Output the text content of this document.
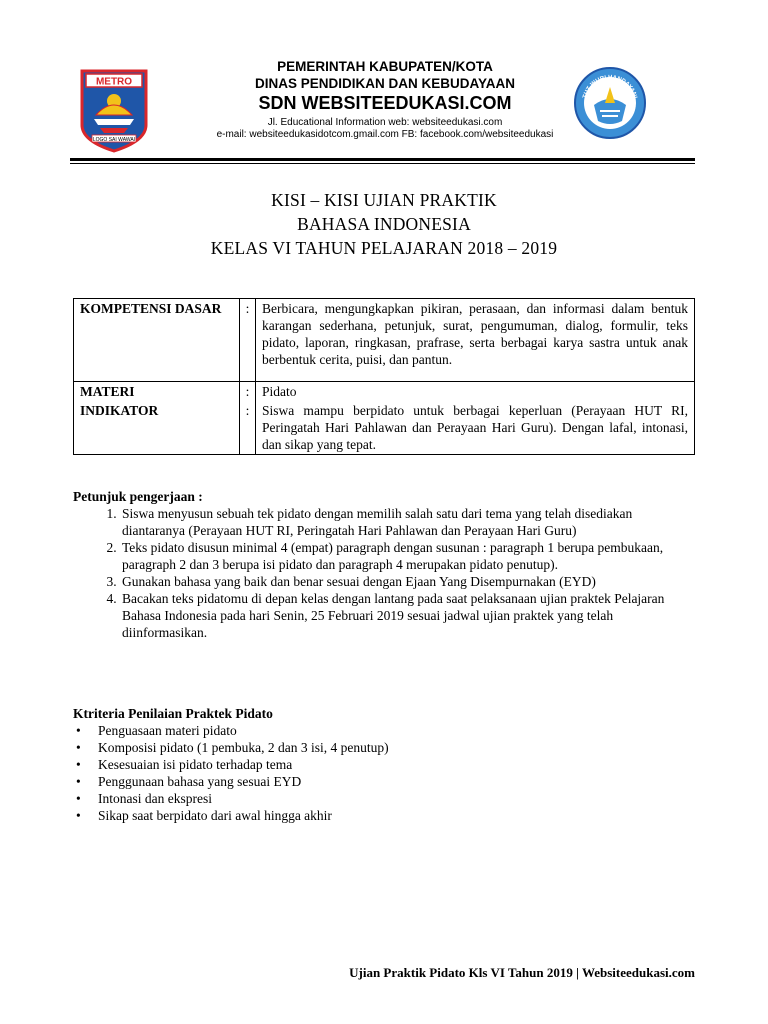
METRO
LOGO SAI WAWAI
PEMERINTAH KABUPATEN/KOTA
DINAS PENDIDIKAN DAN KEBUDAYAAN
SDN WEBSITEEDUKASI.COM
Jl. Educational Information web: websiteedukasi.com
e-mail: websiteedukasidotcom.gmail.com FB: facebook.com/websiteedukasi
TUT WURI HANDAYANI
KISI – KISI UJIAN PRAKTIK
BAHASA INDONESIA
KELAS VI TAHUN PELAJARAN 2018 – 2019
KOMPETENSI DASAR	:	Berbicara, mengungkapkan pikiran, perasaan, dan informasi dalam bentuk karangan sederhana, petunjuk, surat, pengumuman, dialog, formulir, teks pidato, laporan, ringkasan, prafrase, serta berbagai karya sastra untuk anak berbentuk cerita, puisi, dan pantun.
MATERI	:	Pidato
INDIKATOR	:	Siswa mampu berpidato untuk berbagai keperluan (Perayaan HUT RI, Peringatah Hari Pahlawan dan Perayaan Hari Guru). Dengan lafal, intonasi, dan sikap yang tepat.
Petunjuk pengerjaan :
1. Siswa menyusun sebuah tek pidato dengan memilih salah satu dari tema yang telah disediakan diantaranya (Perayaan HUT RI, Peringatah Hari Pahlawan dan Perayaan Hari Guru)
2. Teks pidato disusun minimal 4 (empat) paragraph dengan susunan : paragraph 1 berupa pembukaan, paragraph 2 dan 3 berupa isi pidato dan paragraph 4 merupakan pidato penutup).
3. Gunakan bahasa yang baik dan benar sesuai dengan Ejaan Yang Disempurnakan (EYD)
4. Bacakan teks pidatomu di depan kelas dengan lantang pada saat pelaksanaan ujian praktek Pelajaran Bahasa Indonesia pada hari Senin, 25 Februari 2019 sesuai jadwal ujian praktek yang telah diinformasikan.
Ktriteria Penilaian Praktek Pidato
• Penguasaan materi pidato
• Komposisi pidato (1 pembuka, 2 dan 3 isi, 4 penutup)
• Kesesuaian isi pidato terhadap tema
• Penggunaan bahasa yang sesuai EYD
• Intonasi dan ekspresi
• Sikap saat berpidato dari awal hingga akhir
Ujian Praktik Pidato Kls VI Tahun 2019 | Websiteedukasi.com
